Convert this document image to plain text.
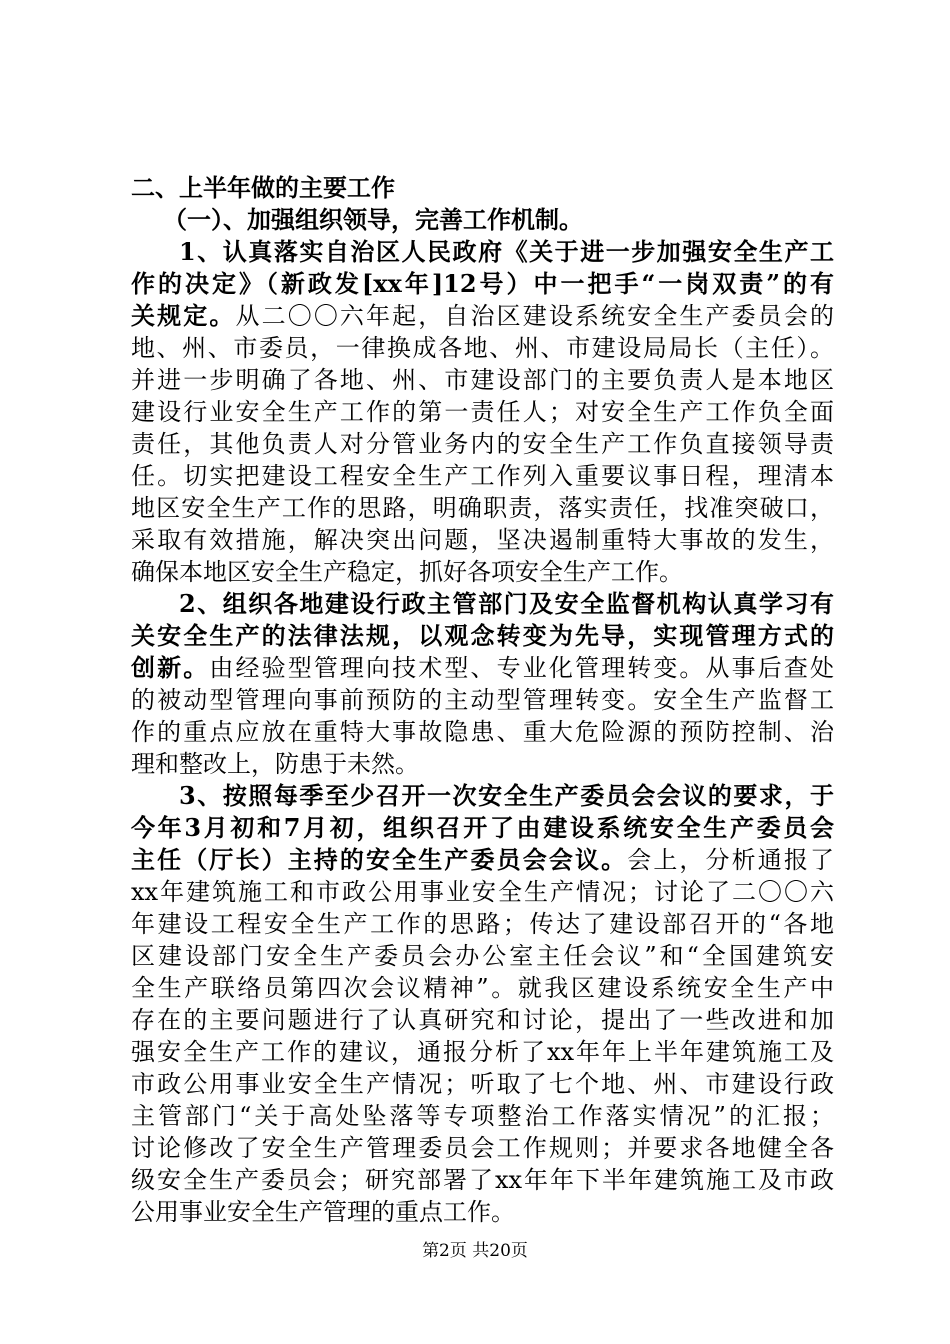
二、上半年做的主要工作
（一）、加强组织领导，完善工作机制。
1、认真落实自治区人民政府《关于进一步加强安全生产工
作的决定》（新政发[xx年]12号）中一把手“一岗双责”的有
关规定。从二〇〇六年起，自治区建设系统安全生产委员会的
地、州、市委员，一律换成各地、州、市建设局局长（主任）。
并进一步明确了各地、州、市建设部门的主要负责人是本地区
建设行业安全生产工作的第一责任人；对安全生产工作负全面
责任，其他负责人对分管业务内的安全生产工作负直接领导责
任。切实把建设工程安全生产工作列入重要议事日程，理清本
地区安全生产工作的思路，明确职责，落实责任，找准突破口，
采取有效措施，解决突出问题，坚决遏制重特大事故的发生，
确保本地区安全生产稳定，抓好各项安全生产工作。
2、组织各地建设行政主管部门及安全监督机构认真学习有
关安全生产的法律法规，以观念转变为先导，实现管理方式的
创新。由经验型管理向技术型、专业化管理转变。从事后查处
的被动型管理向事前预防的主动型管理转变。安全生产监督工
作的重点应放在重特大事故隐患、重大危险源的预防控制、治
理和整改上，防患于未然。
3、按照每季至少召开一次安全生产委员会会议的要求，于
今年3月初和7月初，组织召开了由建设系统安全生产委员会
主任（厅长）主持的安全生产委员会会议。会上，分析通报了
xx年建筑施工和市政公用事业安全生产情况；讨论了二〇〇六
年建设工程安全生产工作的思路；传达了建设部召开的“各地
区建设部门安全生产委员会办公室主任会议”和“全国建筑安
全生产联络员第四次会议精神”。就我区建设系统安全生产中
存在的主要问题进行了认真研究和讨论，提出了一些改进和加
强安全生产工作的建议，通报分析了xx年年上半年建筑施工及
市政公用事业安全生产情况；听取了七个地、州、市建设行政
主管部门“关于高处坠落等专项整治工作落实情况”的汇报；
讨论修改了安全生产管理委员会工作规则；并要求各地健全各
级安全生产委员会；研究部署了xx年年下半年建筑施工及市政
公用事业安全生产管理的重点工作。
第2页 共20页
